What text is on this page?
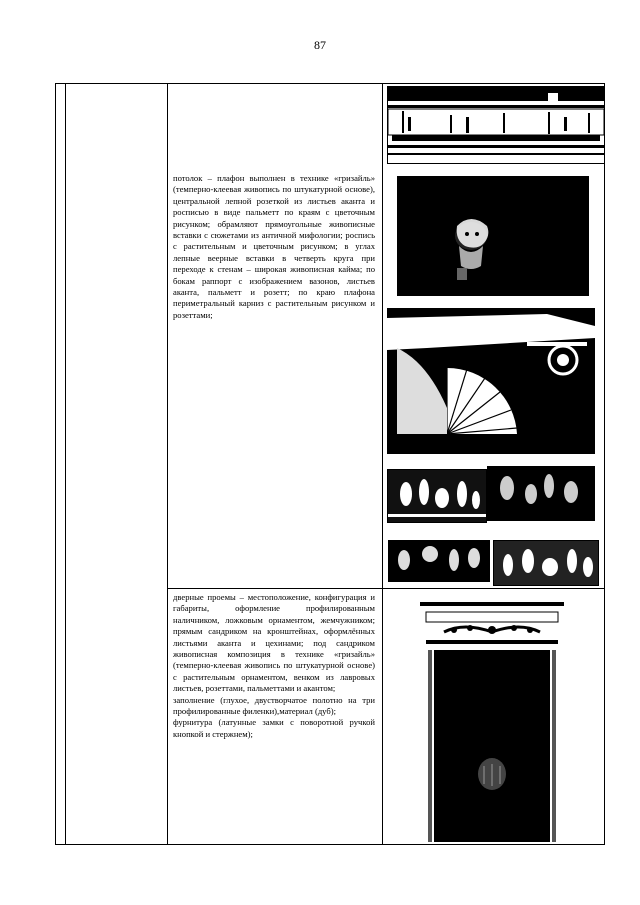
87
потолок – плафон выполнен в технике «гризайль» (темперно-клеевая живопись по штукатурной основе), центральной лепной розеткой из листьев аканта и росписью в виде пальметт по краям с цветочным рисунком; обрамляют прямоугольные живописные вставки с сюжетами из античной мифологии; роспись с растительным и цветочным рисунком; в углах лепные веерные вставки в четверть круга при переходе к стенам – широкая живописная кайма; по бокам раппорт с изображением вазонов, листьев аканта, пальметт и розетт; по краю плафона периметральный карниз с растительным рисунком и розеттами;
дверные проемы – местоположение, конфигурация и габариты, оформление профилированным наличником, ложковым орнаментом, жемчужником; прямым сандриком на кронштейнах, оформлённых листьями аканта и цехинами; под сандриком живописная композиция в технике «гризайль» (темперно-клеевая живопись по штукатурной основе) с растительным орнаментом, венком из лавровых листьев, розеттами, пальметтами и акантом;
заполнение (глухое, двустворчатое полотно на три профилированные филенки),материал (дуб);
фурнитура (латунные замки с поворотной ручкой кнопкой и стержнем);
